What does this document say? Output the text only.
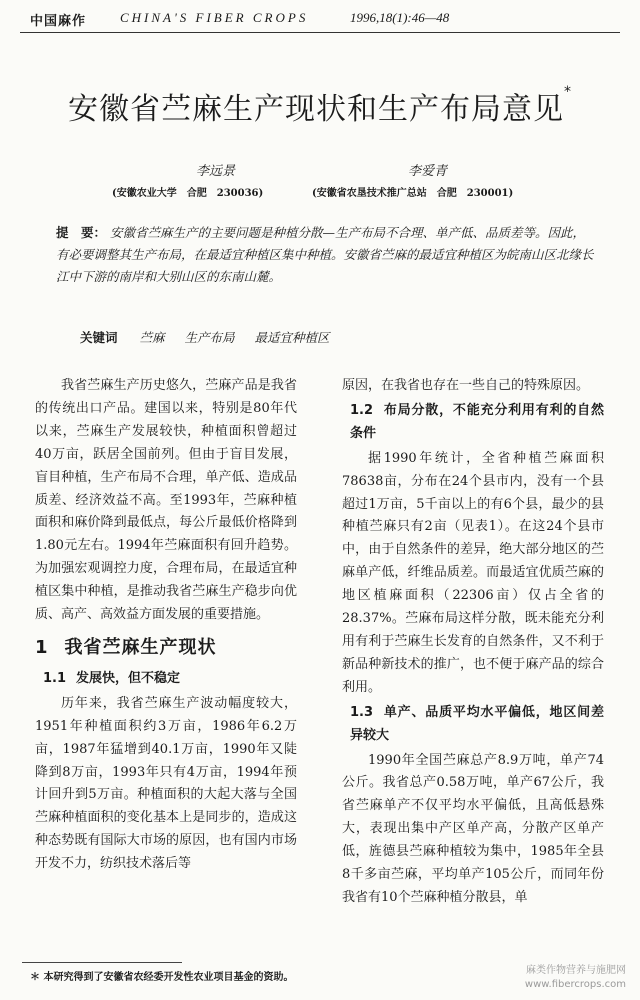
中国麻作	CHINA'S FIBER CROPS	1996,18(1):46—48
安徽省苎麻生产现状和生产布局意见*
李远景
(安徽农业大学　合肥　230036)
李爱青
(安徽省农垦技术推广总站　合肥　230001)

提　要： 安徽省苎麻生产的主要问题是种植分散—生产布局不合理、单产低、品质差等。因此，有必要调整其生产布局，在最适宜种植区集中种植。安徽省苎麻的最适宜种植区为皖南山区北缘长江中下游的南岸和大别山区的东南山麓。

关键词 苎麻 生产布局 最适宜种植区

我省苎麻生产历史悠久，苎麻产品是我省的传统出口产品。建国以来，特别是80年代以来，苎麻生产发展较快，种植面积曾超过40万亩，跃居全国前列。但由于盲目发展，盲目种植，生产布局不合理，单产低、造成品质差、经济效益不高。至1993年，苎麻种植面积和麻价降到最低点，每公斤最低价格降到1.80元左右。1994年苎麻面积有回升趋势。为加强宏观调控力度，合理布局，在最适宜种植区集中种植，是推动我省苎麻生产稳步向优质、高产、高效益方面发展的重要措施。

1 我省苎麻生产现状
1.1 发展快，但不稳定

历年来，我省苎麻生产波动幅度较大，1951年种植面积约3万亩，1986年6.2万亩，1987年猛增到40.1万亩，1990年又陡降到8万亩，1993年只有4万亩，1994年预计回升到5万亩。种植面积的大起大落与全国苎麻种植面积的变化基本上是同步的，造成这种态势既有国际大市场的原因，也有国内市场开发不力，纺织技术落后等

原因，在我省也存在一些自己的特殊原因。

1.2 布局分散，不能充分利用有利的自然条件

据1990年统计，全省种植苎麻面积78638亩，分布在24个县市内，没有一个县超过1万亩，5千亩以上的有6个县，最少的县种植苎麻只有2亩（见表1）。在这24个县市中，由于自然条件的差异，绝大部分地区的苎麻单产低，纤维品质差。而最适宜优质苎麻的地区植麻面积（22306亩）仅占全省的28.37%。苎麻布局这样分散，既未能充分利用有利于苎麻生长发育的自然条件，又不利于新品种新技术的推广，也不便于麻产品的综合利用。

1.3 单产、品质平均水平偏低，地区间差异较大

1990年全国苎麻总产8.9万吨，单产74公斤。我省总产0.58万吨，单产67公斤，我省苎麻单产不仅平均水平偏低，且高低悬殊大，表现出集中产区单产高，分散产区单产低，旌德县苎麻种植较为集中，1985年全县8千多亩苎麻，平均单产105公斤，而同年份我省有10个苎麻种植分散县，单

＊ 本研究得到了安徽省农经委开发性农业项目基金的资助。
麻类作物营养与施肥网
www.fibercrops.com
